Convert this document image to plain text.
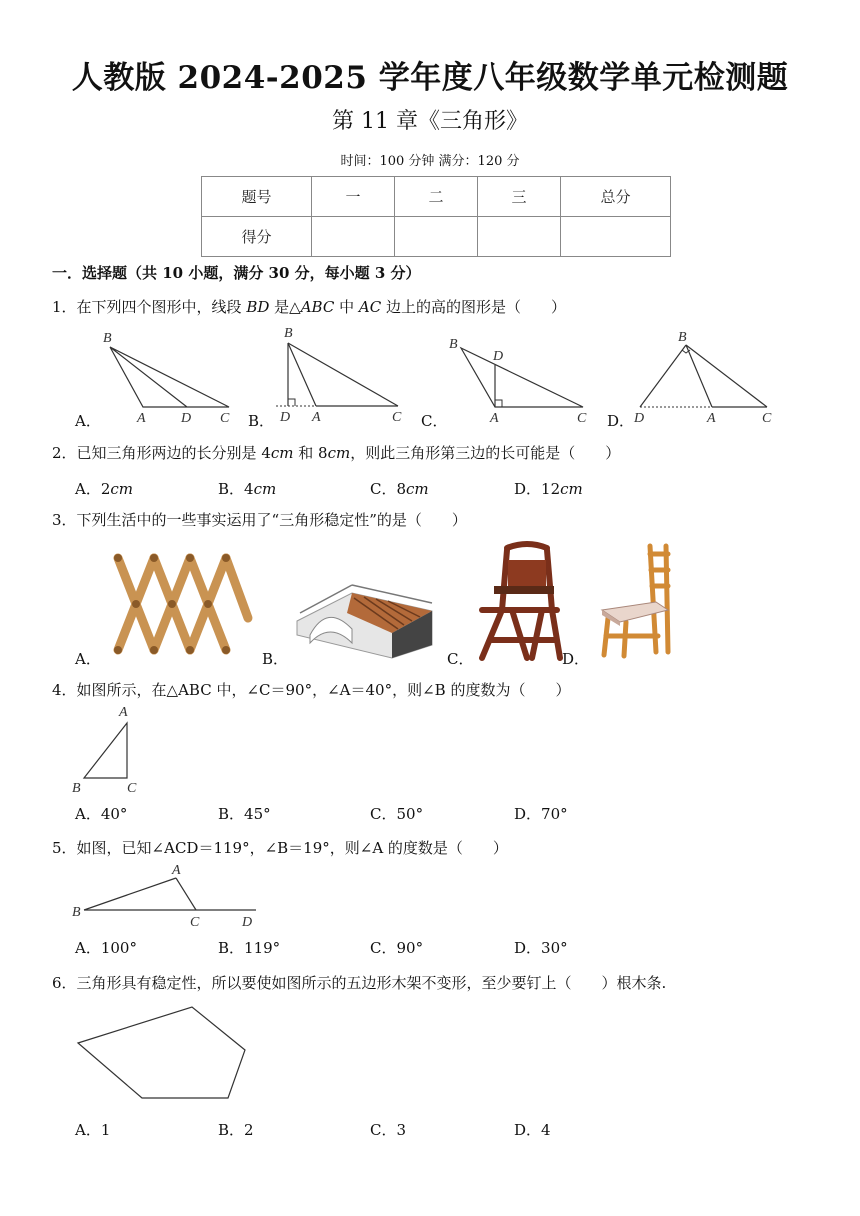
人教版 2024-2025 学年度八年级数学单元检测题
第 11 章《三角形》
时间：100 分钟 满分：120 分
题号	一	二	三	总分
得分				
一．选择题（共 10 小题，满分 30 分，每小题 3 分）
1．在下列四个图形中，线段 BD 是△ABC 中 AC 边上的高的图形是（　　）
A．	B．	C．	D．
B
A	D C
B
D A	C
B
D
A	C
B
D	A	C
2．已知三角形两边的长分别是 4cm 和 8cm，则此三角形第三边的长可能是（　　）
A．2cm	B．4cm	C．8cm	D．12cm
3．下列生活中的一些事实运用了“三角形稳定性”的是（　　）
A．	B．	C．	D．
4．如图所示，在△ABC 中，∠C＝90°，∠A＝40°，则∠B 的度数为（　　）
A
B	C
A．40°	B．45°	C．50°	D．70°
5．如图，已知∠ACD＝119°，∠B＝19°，则∠A 的度数是（　　）
A
B
C	D
A．100°	B．119°	C．90°	D．30°
6．三角形具有稳定性，所以要使如图所示的五边形木架不变形，至少要钉上（　　）根木条.
A．1	B．2	C．3	D．4
